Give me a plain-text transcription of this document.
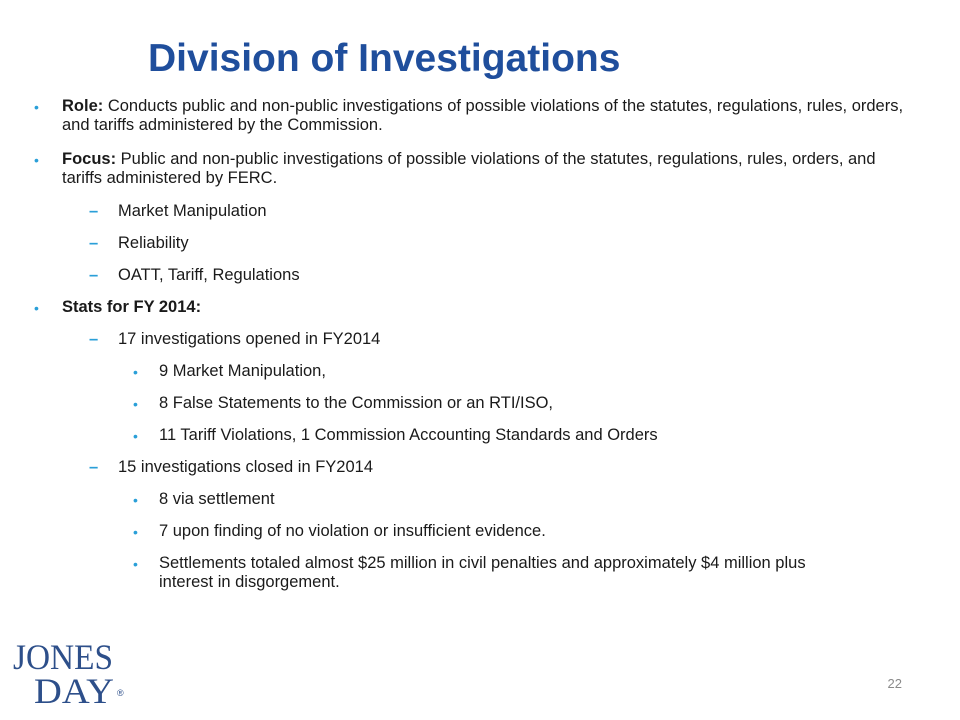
Division of Investigations
• Role: Conducts public and non-public investigations of possible violations of the statutes, regulations, rules, orders, and tariffs administered by the Commission.
• Focus: Public and non-public investigations of possible violations of the statutes, regulations, rules, orders, and tariffs administered by FERC.
– Market Manipulation
– Reliability
– OATT, Tariff, Regulations
• Stats for FY 2014:
– 17 investigations opened in FY2014
• 9 Market Manipulation,
• 8 False Statements to the Commission or an RTI/ISO,
• 11 Tariff Violations, 1 Commission Accounting Standards and Orders
– 15 investigations closed in FY2014
• 8 via settlement
• 7 upon finding of no violation or insufficient evidence.
• Settlements totaled almost $25 million in civil penalties and approximately $4 million plus interest in disgorgement.
JONES
DAY ®
22
